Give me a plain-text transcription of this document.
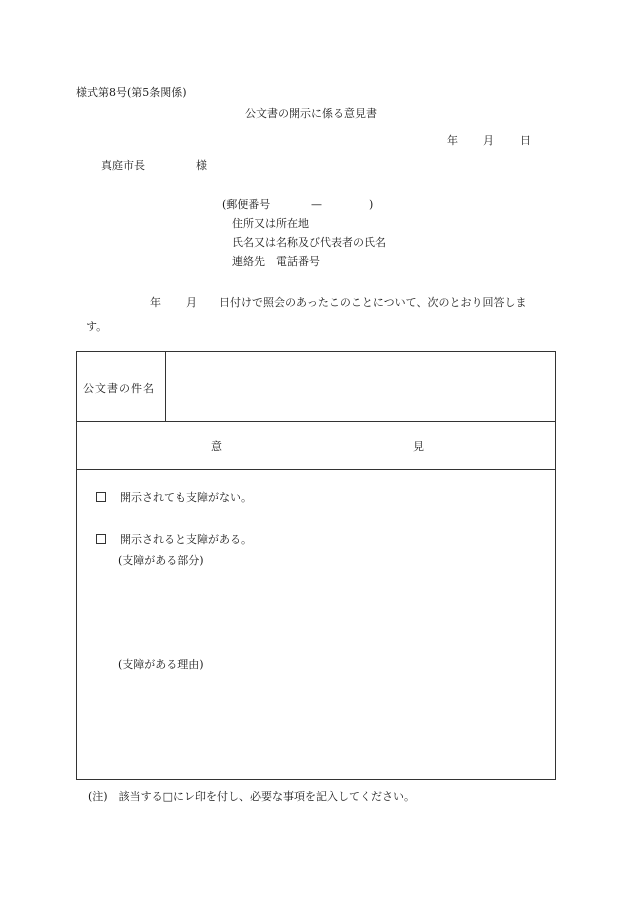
様式第8号(第5条関係)
公文書の開示に係る意見書
年 月 日
真庭市長	様
(郵便番号	—	)
住所又は所在地
氏名又は名称及び代表者の氏名
連絡先　電話番号
年 月 日付けで照会のあったこのことについて、次のとおり回答しま
す。
公文書の件名
意	見
開示されても支障がない。
開示されると支障がある。
(支障がある部分)
(支障がある理由)
(注)　該当する□にレ印を付し、必要な事項を記入してください。
